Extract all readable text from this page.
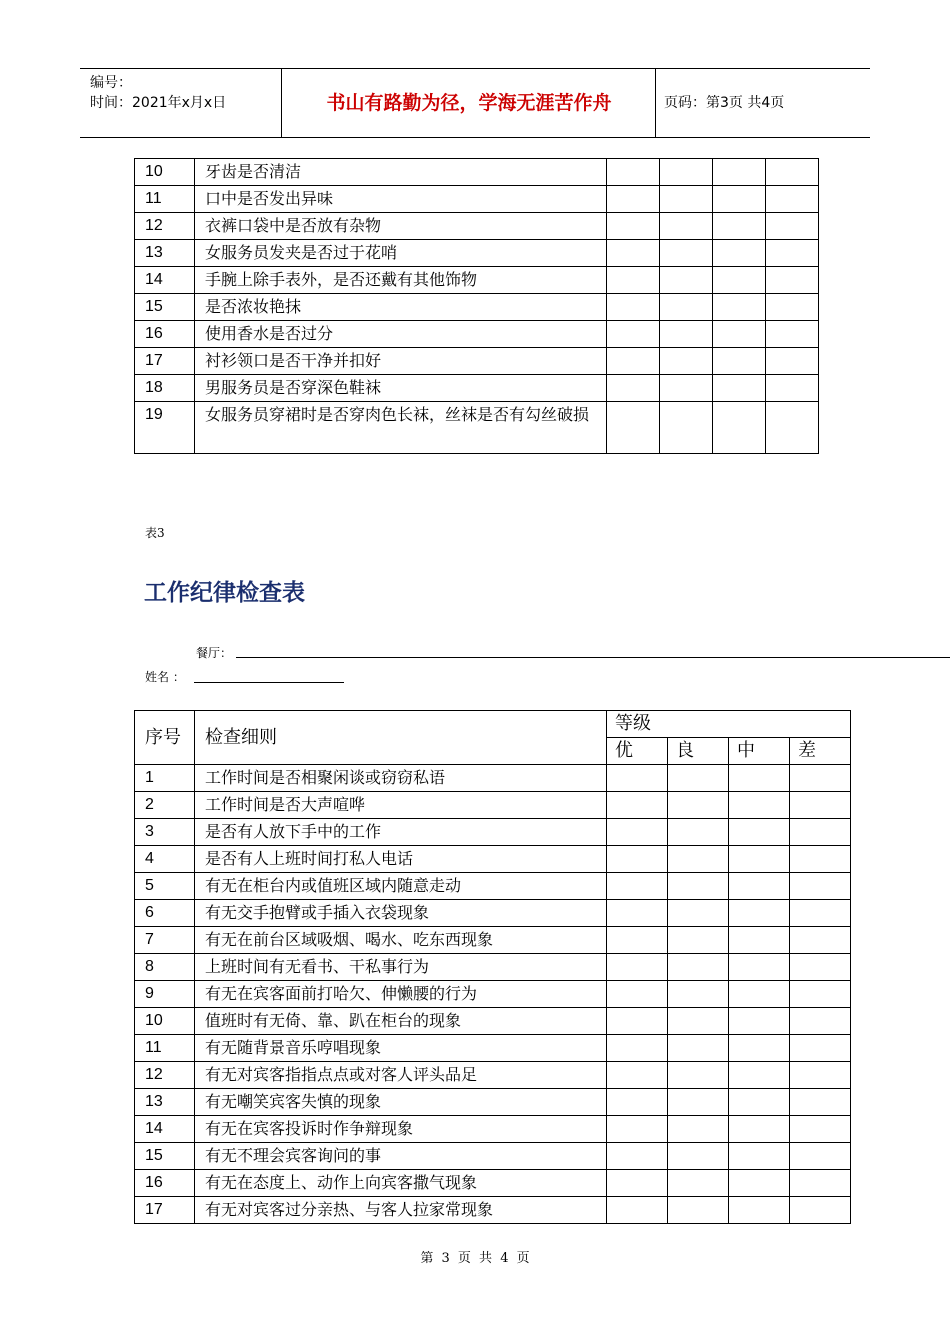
编号：
时间：2021年x月x日	书山有路勤为径，学海无涯苦作舟	页码：第3页 共4页
10	牙齿是否清洁				
11	口中是否发出异味				
12	衣裤口袋中是否放有杂物				
13	女服务员发夹是否过于花哨				
14	手腕上除手表外，是否还戴有其他饰物				
15	是否浓妆艳抹				
16	使用香水是否过分				
17	衬衫领口是否干净并扣好				
18	男服务员是否穿深色鞋袜				
19	女服务员穿裙时是否穿肉色长袜，丝袜是否有勾丝破损				
表3
工作纪律检查表
餐厅：
姓名 ：
序号	检查细则	等级			
		优	良	中	差
1	工作时间是否相聚闲谈或窃窃私语				
2	工作时间是否大声喧哗				
3	是否有人放下手中的工作				
4	是否有人上班时间打私人电话				
5	有无在柜台内或值班区域内随意走动				
6	有无交手抱臂或手插入衣袋现象				
7	有无在前台区域吸烟、喝水、吃东西现象				
8	上班时间有无看书、干私事行为				
9	有无在宾客面前打哈欠、伸懒腰的行为				
10	值班时有无倚、靠、趴在柜台的现象				
11	有无随背景音乐哼唱现象				
12	有无对宾客指指点点或对客人评头品足				
13	有无嘲笑宾客失慎的现象				
14	有无在宾客投诉时作争辩现象				
15	有无不理会宾客询问的事				
16	有无在态度上、动作上向宾客撒气现象				
17	有无对宾客过分亲热、与客人拉家常现象				
第 3 页 共 4 页
